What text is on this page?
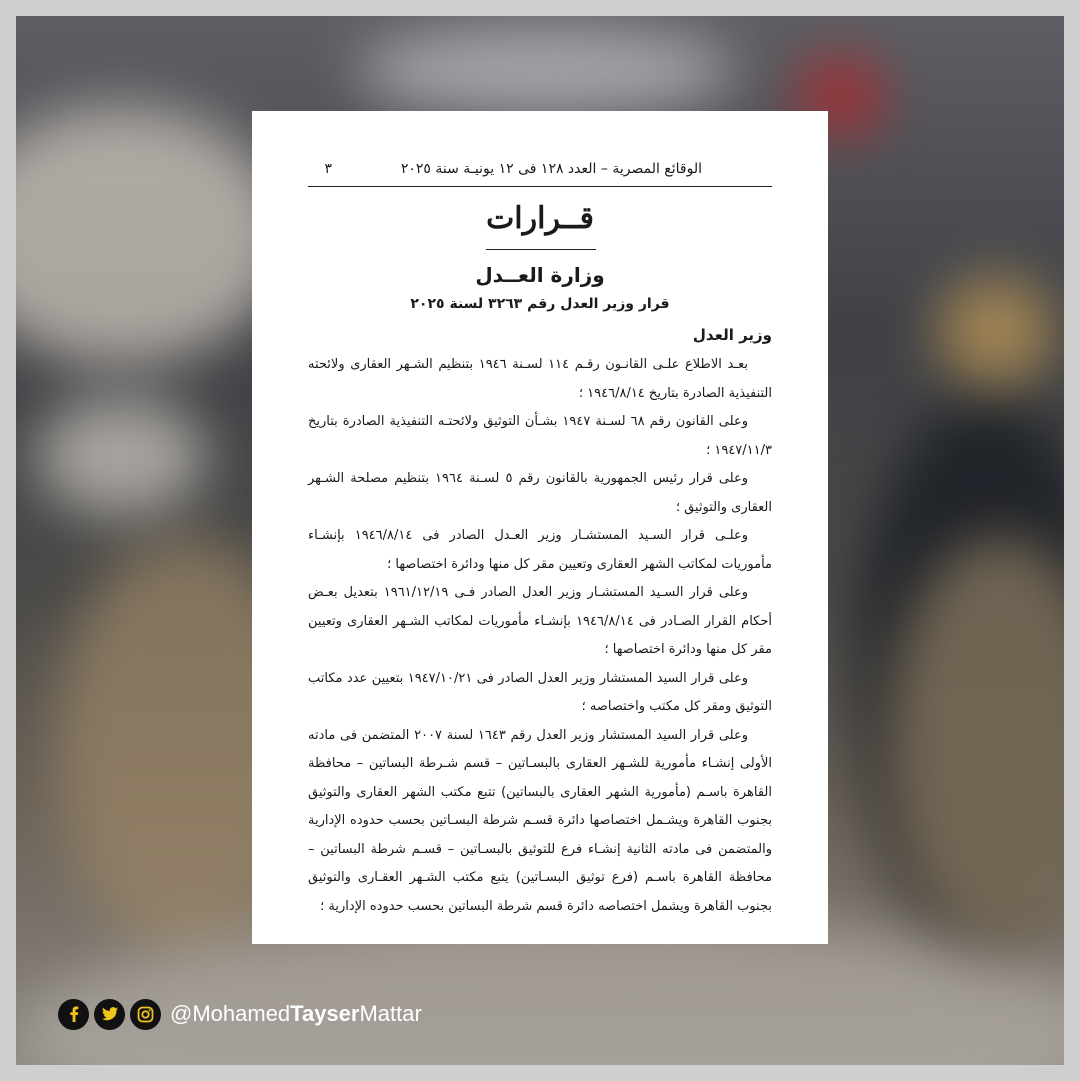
الوقائع المصرية – العدد ١٢٨ فى ١٢ يونيـة سنة ٢٠٢٥
٣
قــرارات
وزارة العــدل
قرار وزير العدل رقم ٣٢٦٣ لسنة ٢٠٢٥
وزير العدل

بعـد الاطلاع علـى القانـون رقـم ١١٤ لسـنة ١٩٤٦ بتنظيم الشـهر العقارى ولائحته التنفيذية الصادرة بتاريخ ١٩٤٦/٨/١٤ ؛

وعلى القانون رقم ٦٨ لسـنة ١٩٤٧ بشـأن التوثيق ولائحتـه التنفيذية الصادرة بتاريخ ١٩٤٧/١١/٣ ؛

وعلى قرار رئيس الجمهورية بالقانون رقم ٥ لسـنة ١٩٦٤ بتنظيم مصلحة الشـهر العقارى والتوثيق ؛

وعلـى قرار السـيد المستشـار وزير العـدل الصادر فى ١٩٤٦/٨/١٤ بإنشـاء مأموريات لمكاتب الشهر العقارى وتعيين مقر كل منها ودائرة اختصاصها ؛

وعلى قرار السـيد المستشـار وزير العدل الصادر فـى ١٩٦١/١٢/١٩ بتعديل بعـض أحكام القرار الصـادر فى ١٩٤٦/٨/١٤ بإنشـاء مأموريات لمكاتب الشـهر العقارى وتعيين مقر كل منها ودائرة اختصاصها ؛

وعلى قرار السيد المستشار وزير العدل الصادر فى ١٩٤٧/١٠/٢١ بتعيين عدد مكاتب التوثيق ومقر كل مكتب واختصاصه ؛

وعلى قرار السيد المستشار وزير العدل رقم ١٦٤٣ لسنة ٢٠٠٧ المتضمن فى مادته الأولى إنشـاء مأمورية للشـهر العقارى بالبسـاتين – قسم شـرطة البساتين – محافظة القاهرة باسـم (مأمورية الشهر العقارى بالبساتين) تتبع مكتب الشهر العقارى والتوثيق بجنوب القاهرة ويشـمل اختصاصها دائرة قسـم شرطة البسـاتين بحسب حدوده الإدارية والمتضمن فى مادته الثانية إنشـاء فرع للتوثيق بالبسـاتين – قسـم شرطة البساتين – محافظة القاهرة باسـم (فرع توثيق البسـاتين) يتبع مكتب الشـهر العقـارى والتوثيق بجنوب القاهرة ويشمل اختصاصه دائرة قسم شرطة البساتين بحسب حدوده الإدارية ؛

@MohamedTayserMattar
